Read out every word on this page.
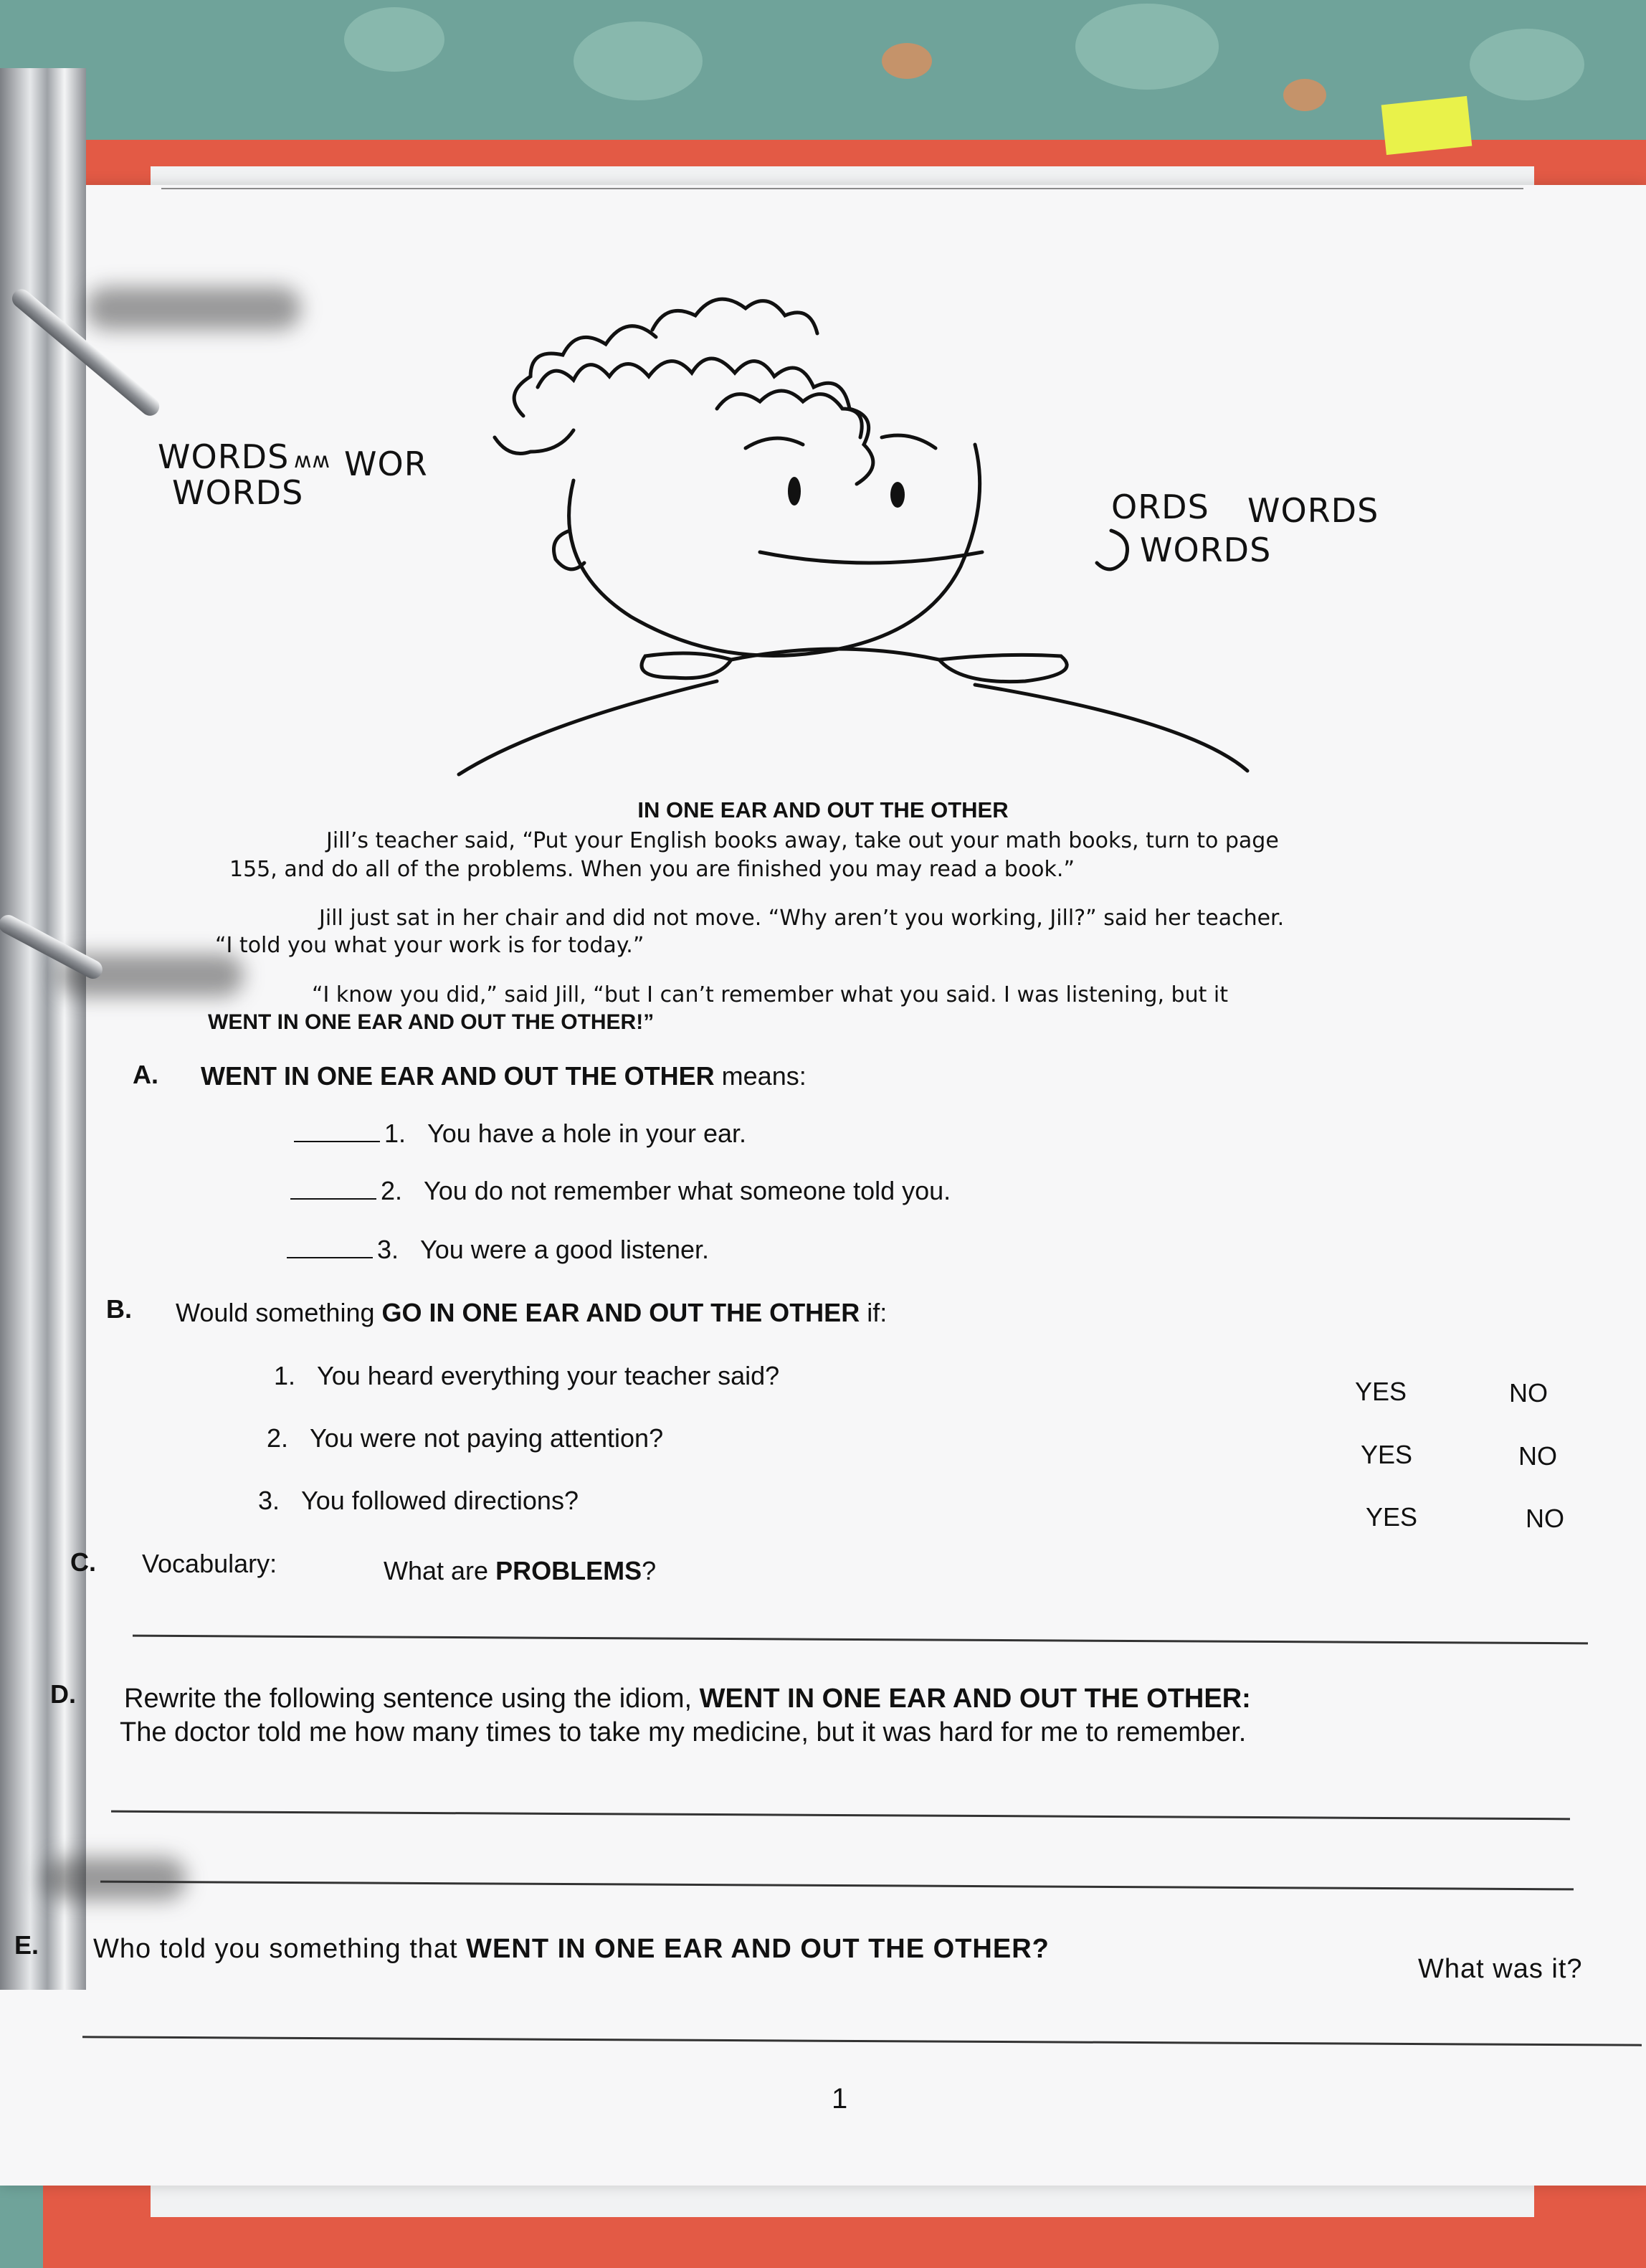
WORDS ʍʍ WOR
WORDS	ORDS WORDS
WORDS
IN ONE EAR AND OUT THE OTHER
Jill’s teacher said, “Put your English books away, take out your math books, turn to page
155, and do all of the problems. When you are finished you may read a book.”
Jill just sat in her chair and did not move. “Why aren’t you working, Jill?” said her teacher.
“I told you what your work is for today.”
“I know you did,” said Jill, “but I can’t remember what you said. I was listening, but it
WENT IN ONE EAR AND OUT THE OTHER!”
A. WENT IN ONE EAR AND OUT THE OTHER means:
1. You have a hole in your ear.
2. You do not remember what someone told you.
3. You were a good listener.
B. Would something GO IN ONE EAR AND OUT THE OTHER if:
1. You heard everything your teacher said?
YES	NO
2. You were not paying attention?
YES	NO
3. You followed directions?
YES	NO
C. Vocabulary:	What are PROBLEMS?
D. Rewrite the following sentence using the idiom, WENT IN ONE EAR AND OUT THE OTHER:
The doctor told me how many times to take my medicine, but it was hard for me to remember.
E. Who told you something that WENT IN ONE EAR AND OUT THE OTHER?
What was it?
1
